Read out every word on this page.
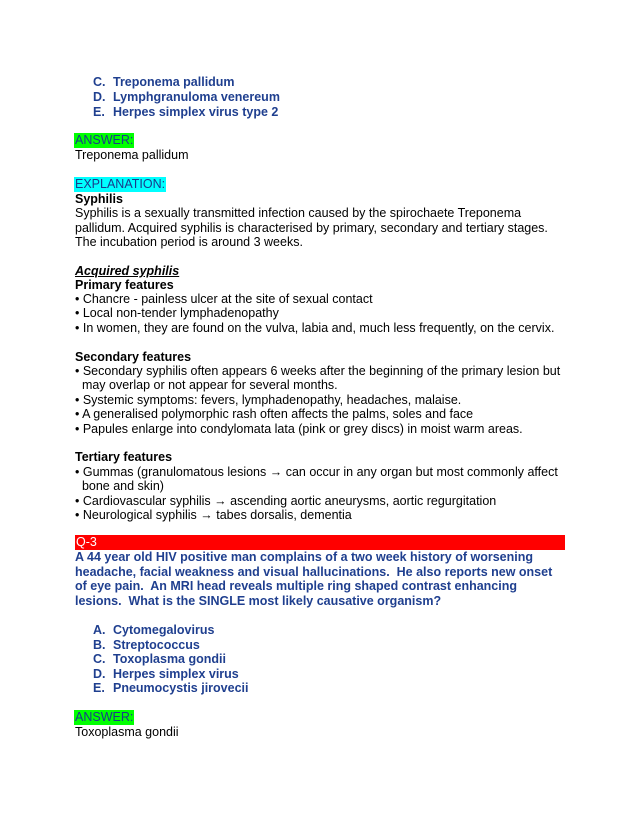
C. Treponema pallidum
D. Lymphgranuloma venereum
E. Herpes simplex virus type 2
ANSWER:
Treponema pallidum
EXPLANATION:
Syphilis
Syphilis is a sexually transmitted infection caused by the spirochaete Treponema
pallidum. Acquired syphilis is characterised by primary, secondary and tertiary stages.
The incubation period is around 3 weeks.
Acquired syphilis
Primary features
• Chancre - painless ulcer at the site of sexual contact
• Local non-tender lymphadenopathy
• In women, they are found on the vulva, labia and, much less frequently, on the cervix.
Secondary features
• Secondary syphilis often appears 6 weeks after the beginning of the primary lesion but
may overlap or not appear for several months.
• Systemic symptoms: fevers, lymphadenopathy, headaches, malaise.
• A generalised polymorphic rash often affects the palms, soles and face
• Papules enlarge into condylomata lata (pink or grey discs) in moist warm areas.
Tertiary features
• Gummas (granulomatous lesions → can occur in any organ but most commonly affect
bone and skin)
• Cardiovascular syphilis → ascending aortic aneurysms, aortic regurgitation
• Neurological syphilis → tabes dorsalis, dementia
Q-3
A 44 year old HIV positive man complains of a two week history of worsening
headache, facial weakness and visual hallucinations.  He also reports new onset
of eye pain.  An MRI head reveals multiple ring shaped contrast enhancing
lesions.  What is the SINGLE most likely causative organism?
A. Cytomegalovirus
B. Streptococcus
C. Toxoplasma gondii
D. Herpes simplex virus
E. Pneumocystis jirovecii
ANSWER:
Toxoplasma gondii
